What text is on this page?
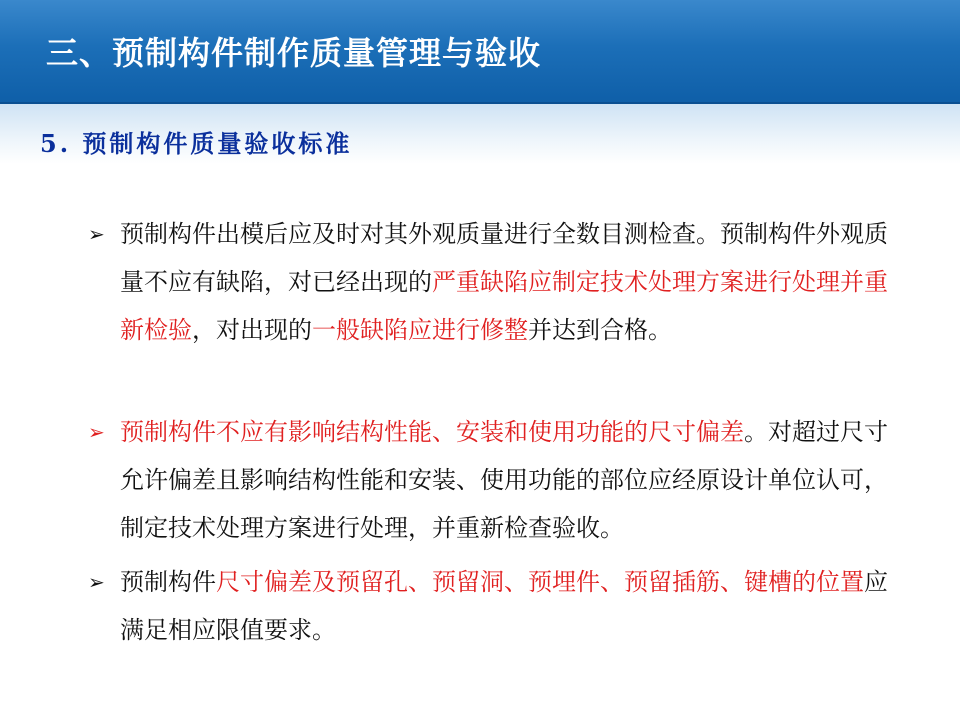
三、预制构件制作质量管理与验收
5. 预制构件质量验收标准
➢ 预制构件出模后应及时对其外观质量进行全数目测检查。预制构件外观质量不应有缺陷，对已经出现的严重缺陷应制定技术处理方案进行处理并重新检验，对出现的一般缺陷应进行修整并达到合格。
➢ 预制构件不应有影响结构性能、安装和使用功能的尺寸偏差。对超过尺寸允许偏差且影响结构性能和安装、使用功能的部位应经原设计单位认可，制定技术处理方案进行处理，并重新检查验收。
➢ 预制构件尺寸偏差及预留孔、预留洞、预埋件、预留插筋、键槽的位置应满足相应限值要求。
